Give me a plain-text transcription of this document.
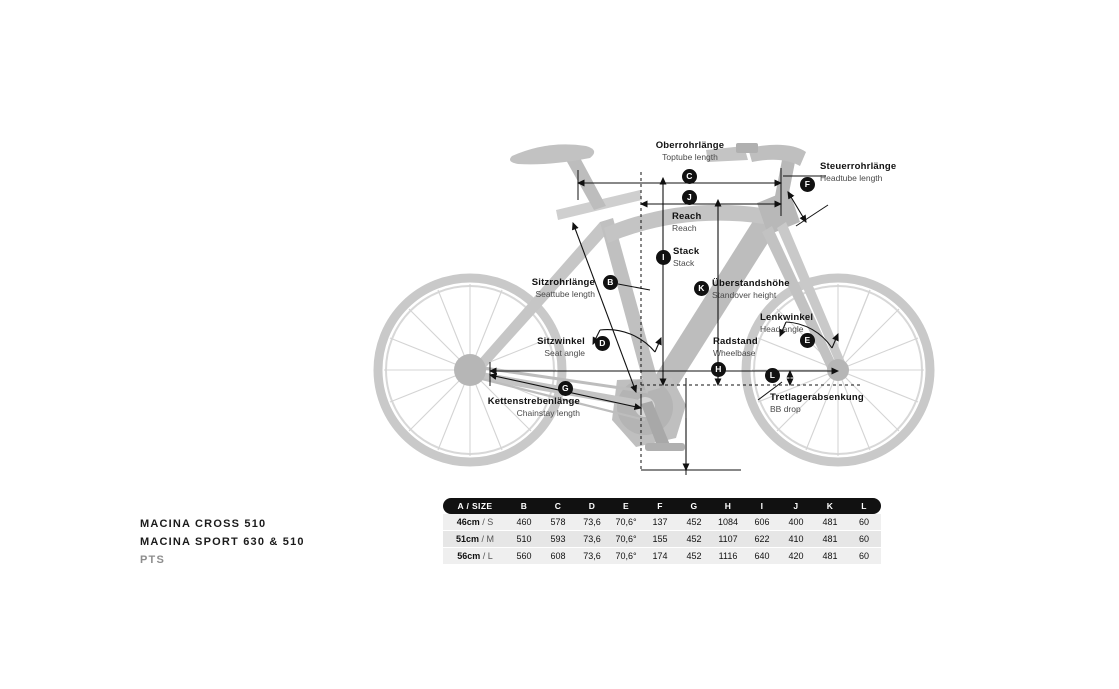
C
J
F
I
K
B
D	E
H
L
G
Oberrohrlänge
Toptube length
Steuerrohrlänge
Headtube length
Reach
Reach
Stack
Stack
Überstandshöhe
Standover height
Sitzrohrlänge
Seattube length
Sitzwinkel
Seat angle
Lenkwinkel
Head angle
Radstand
Wheelbase
Tretlagerabsenkung
BB drop
Kettenstrebenlänge
Chainstay length
MACINA CROSS 510
MACINA SPORT 630 & 510
PTS
A / SIZE	B	C	D	E	F	G	H	I	J	K	L
46cm / S	460	578	73,6	70,6°	137	452	1084	606	400	481	60
51cm / M	510	593	73,6	70,6°	155	452	1107	622	410	481	60
56cm / L	560	608	73,6	70,6°	174	452	1116	640	420	481	60
